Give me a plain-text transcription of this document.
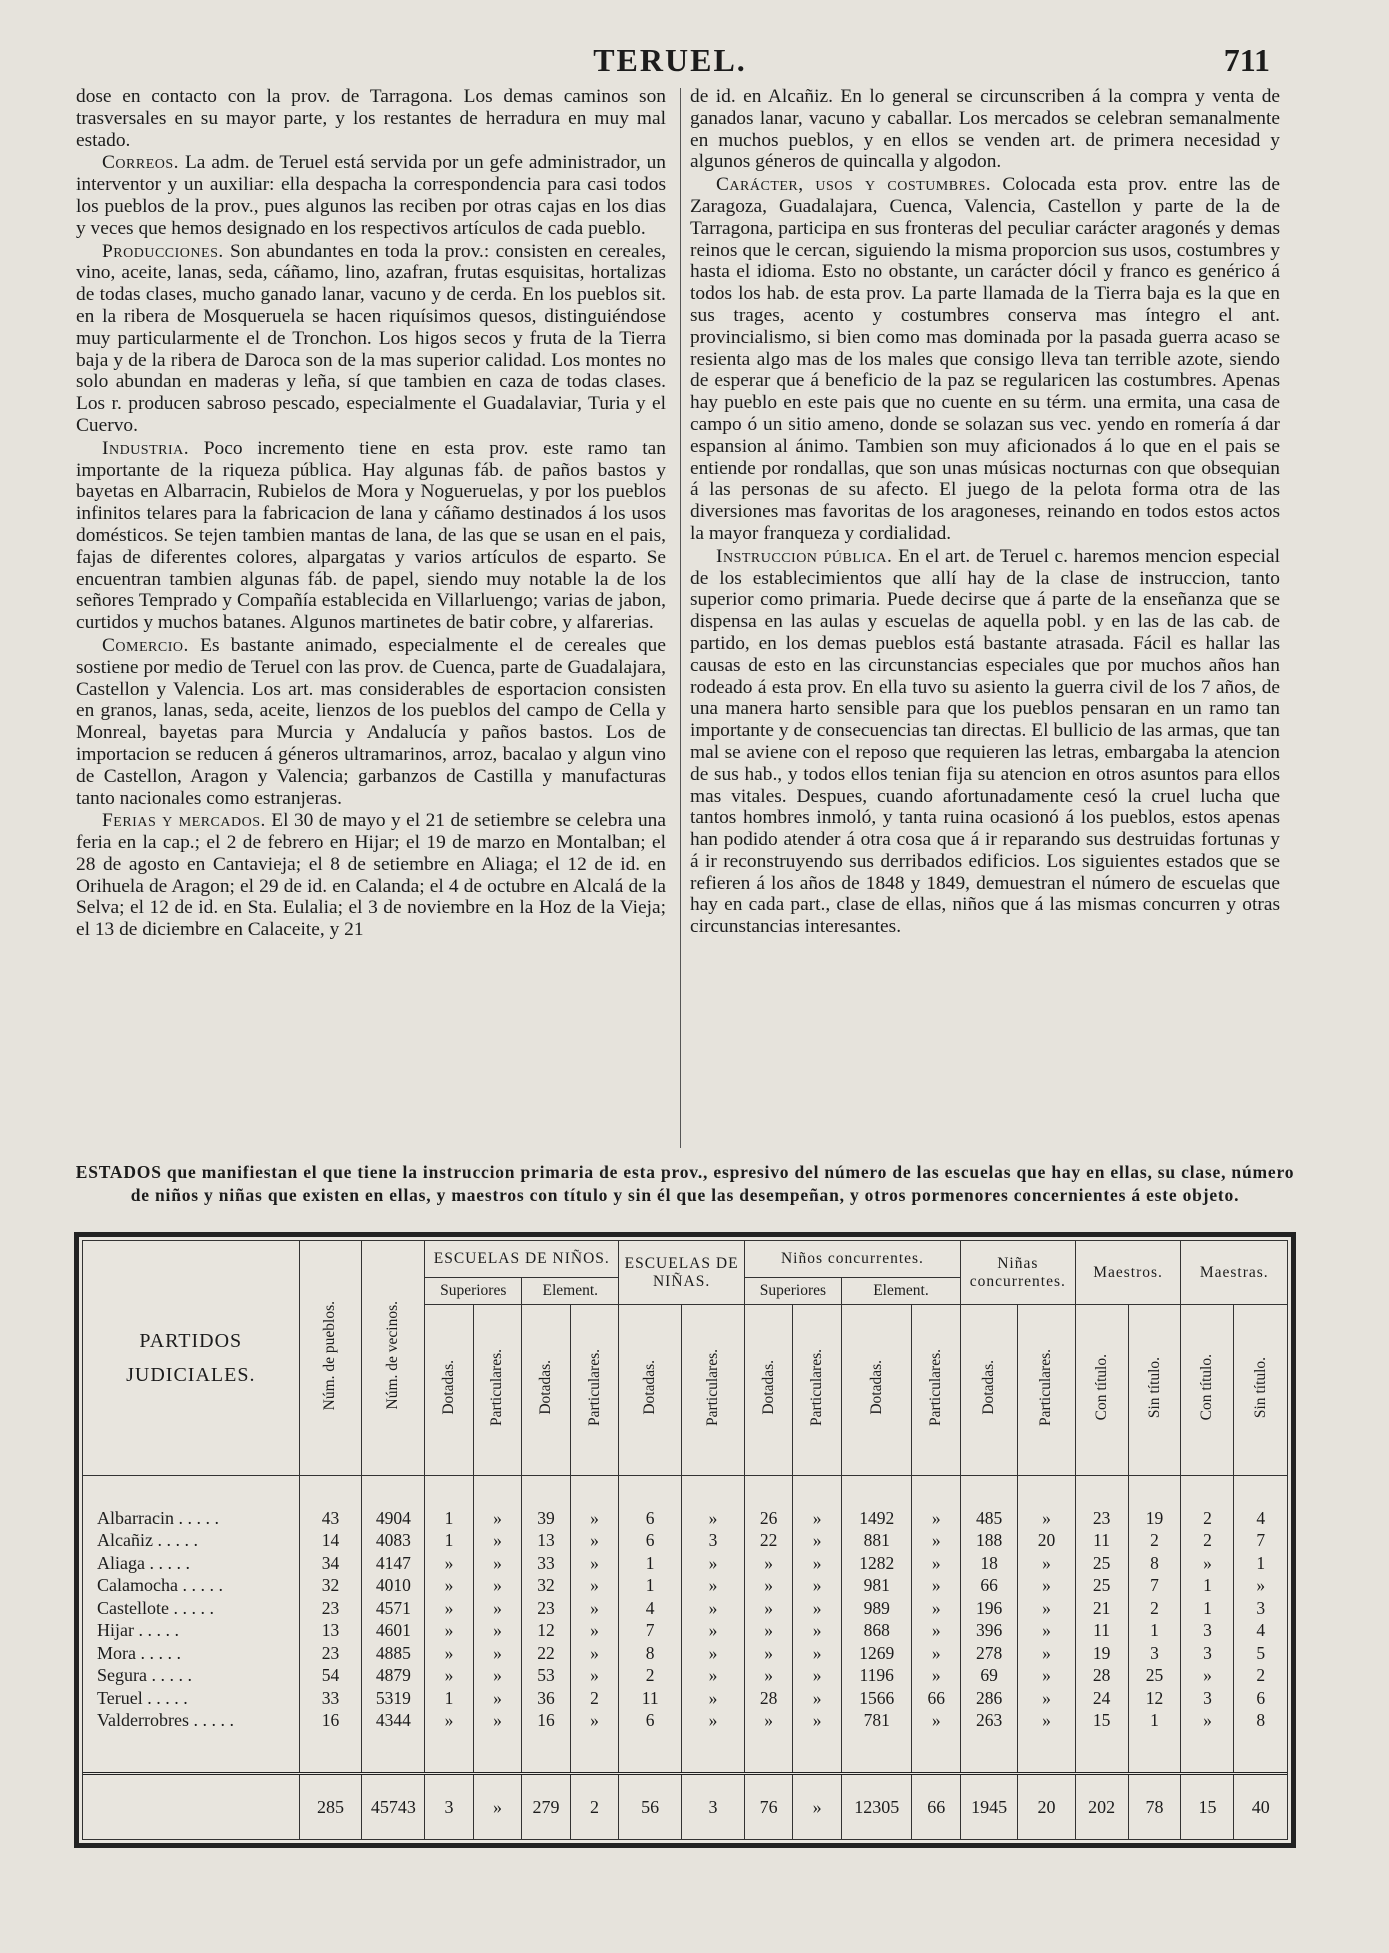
TERUEL.	711

dose en contacto con la prov. de Tarragona. Los demas caminos son trasversales en su mayor parte, y los restantes de herradura en muy mal estado.

Correos. La adm. de Teruel está servida por un gefe administrador, un interventor y un auxiliar: ella despacha la correspondencia para casi todos los pueblos de la prov., pues algunos las reciben por otras cajas en los dias y veces que hemos designado en los respectivos artículos de cada pueblo.

Producciones. Son abundantes en toda la prov.: consisten en cereales, vino, aceite, lanas, seda, cáñamo, lino, azafran, frutas esquisitas, hortalizas de todas clases, mucho ganado lanar, vacuno y de cerda. En los pueblos sit. en la ribera de Mosqueruela se hacen riquísimos quesos, distinguiéndose muy particularmente el de Tronchon. Los higos secos y fruta de la Tierra baja y de la ribera de Daroca son de la mas superior calidad. Los montes no solo abundan en maderas y leña, sí que tambien en caza de todas clases. Los r. producen sabroso pescado, especialmente el Guadalaviar, Turia y el Cuervo.

Industria. Poco incremento tiene en esta prov. este ramo tan importante de la riqueza pública. Hay algunas fáb. de paños bastos y bayetas en Albarracin, Rubielos de Mora y Nogueruelas, y por los pueblos infinitos telares para la fabricacion de lana y cáñamo destinados á los usos domésticos. Se tejen tambien mantas de lana, de las que se usan en el pais, fajas de diferentes colores, alpargatas y varios artículos de esparto. Se encuentran tambien algunas fáb. de papel, siendo muy notable la de los señores Temprado y Compañía establecida en Villarluengo; varias de jabon, curtidos y muchos batanes. Algunos martinetes de batir cobre, y alfarerias.

Comercio. Es bastante animado, especialmente el de cereales que sostiene por medio de Teruel con las prov. de Cuenca, parte de Guadalajara, Castellon y Valencia. Los art. mas considerables de esportacion consisten en granos, lanas, seda, aceite, lienzos de los pueblos del campo de Cella y Monreal, bayetas para Murcia y Andalucía y paños bastos. Los de importacion se reducen á géneros ultramarinos, arroz, bacalao y algun vino de Castellon, Aragon y Valencia; garbanzos de Castilla y manufacturas tanto nacionales como estranjeras.

Ferias y mercados. El 30 de mayo y el 21 de setiembre se celebra una feria en la cap.; el 2 de febrero en Hijar; el 19 de marzo en Montalban; el 28 de agosto en Cantavieja; el 8 de setiembre en Aliaga; el 12 de id. en Orihuela de Aragon; el 29 de id. en Calanda; el 4 de octubre en Alcalá de la Selva; el 12 de id. en Sta. Eulalia; el 3 de noviembre en la Hoz de la Vieja; el 13 de diciembre en Calaceite, y 21

de id. en Alcañiz. En lo general se circunscriben á la compra y venta de ganados lanar, vacuno y caballar. Los mercados se celebran semanalmente en muchos pueblos, y en ellos se venden art. de primera necesidad y algunos géneros de quincalla y algodon.

Carácter, usos y costumbres. Colocada esta prov. entre las de Zaragoza, Guadalajara, Cuenca, Valencia, Castellon y parte de la de Tarragona, participa en sus fronteras del peculiar carácter aragonés y demas reinos que le cercan, siguiendo la misma proporcion sus usos, costumbres y hasta el idioma. Esto no obstante, un carácter dócil y franco es genérico á todos los hab. de esta prov. La parte llamada de la Tierra baja es la que en sus trages, acento y costumbres conserva mas íntegro el ant. provincialismo, si bien como mas dominada por la pasada guerra acaso se resienta algo mas de los males que consigo lleva tan terrible azote, siendo de esperar que á beneficio de la paz se regularicen las costumbres. Apenas hay pueblo en este pais que no cuente en su térm. una ermita, una casa de campo ó un sitio ameno, donde se solazan sus vec. yendo en romería á dar espansion al ánimo. Tambien son muy aficionados á lo que en el pais se entiende por rondallas, que son unas músicas nocturnas con que obsequian á las personas de su afecto. El juego de la pelota forma otra de las diversiones mas favoritas de los aragoneses, reinando en todos estos actos la mayor franqueza y cordialidad.

Instruccion pública. En el art. de Teruel c. haremos mencion especial de los establecimientos que allí hay de la clase de instruccion, tanto superior como primaria. Puede decirse que á parte de la enseñanza que se dispensa en las aulas y escuelas de aquella pobl. y en las de las cab. de partido, en los demas pueblos está bastante atrasada. Fácil es hallar las causas de esto en las circunstancias especiales que por muchos años han rodeado á esta prov. En ella tuvo su asiento la guerra civil de los 7 años, de una manera harto sensible para que los pueblos pensaran en un ramo tan importante y de consecuencias tan directas. El bullicio de las armas, que tan mal se aviene con el reposo que requieren las letras, embargaba la atencion de sus hab., y todos ellos tenian fija su atencion en otros asuntos para ellos mas vitales. Despues, cuando afortunadamente cesó la cruel lucha que tantos hombres inmoló, y tanta ruina ocasionó á los pueblos, estos apenas han podido atender á otra cosa que á ir reparando sus destruidas fortunas y á ir reconstruyendo sus derribados edificios. Los siguientes estados que se refieren á los años de 1848 y 1849, demuestran el número de escuelas que hay en cada part., clase de ellas, niños que á las mismas concurren y otras circunstancias interesantes.

ESTADOS que manifiestan el que tiene la instruccion primaria de esta prov., espresivo del número de las escuelas que hay en ellas, su clase, número de niños y niñas que existen en ellas, y maestros con título y sin él que las desempeñan, y otros pormenores concernientes á este objeto.
PARTIDOS JUDICIALES.	Núm. de pueblos.	Núm. de vecinos.	ESCUELAS DE NIÑOS.				ESCUELAS DE NIÑAS.		Niños concurrentes.				Niñas concurrentes.		Maestros.		Maestras.	
			Superiores		Element.				Superiores		Element.							
			Dotadas.	Particulares.	Dotadas.	Particulares.	Dotadas.	Particulares.	Dotadas.	Particulares.	Dotadas.	Particulares.	Dotadas.	Particulares.	Con título.	Sin título.	Con título.	Sin título.

Albarracin . . . . .	43	4904	1	»	39	»	6	»	26	»	1492	»	485	»	23	19	2	4
Alcañiz . . . . .	14	4083	1	»	13	»	6	3	22	»	881	»	188	20	11	2	2	7
Aliaga . . . . .	34	4147	»	»	33	»	1	»	»	»	1282	»	18	»	25	8	»	1
Calamocha . . . . .	32	4010	»	»	32	»	1	»	»	»	981	»	66	»	25	7	1	»
Castellote . . . . .	23	4571	»	»	23	»	4	»	»	»	989	»	196	»	21	2	1	3
Hijar . . . . .	13	4601	»	»	12	»	7	»	»	»	868	»	396	»	11	1	3	4
Mora . . . . .	23	4885	»	»	22	»	8	»	»	»	1269	»	278	»	19	3	3	5
Segura . . . . .	54	4879	»	»	53	»	2	»	»	»	1196	»	69	»	28	25	»	2
Teruel . . . . .	33	5319	1	»	36	2	11	»	28	»	1566	66	286	»	24	12	3	6
Valderrobres . . . . .	16	4344	»	»	16	»	6	»	»	»	781	»	263	»	15	1	»	8

	285	45743	3	»	279	2	56	3	76	»	12305	66	1945	20	202	78	15	40
